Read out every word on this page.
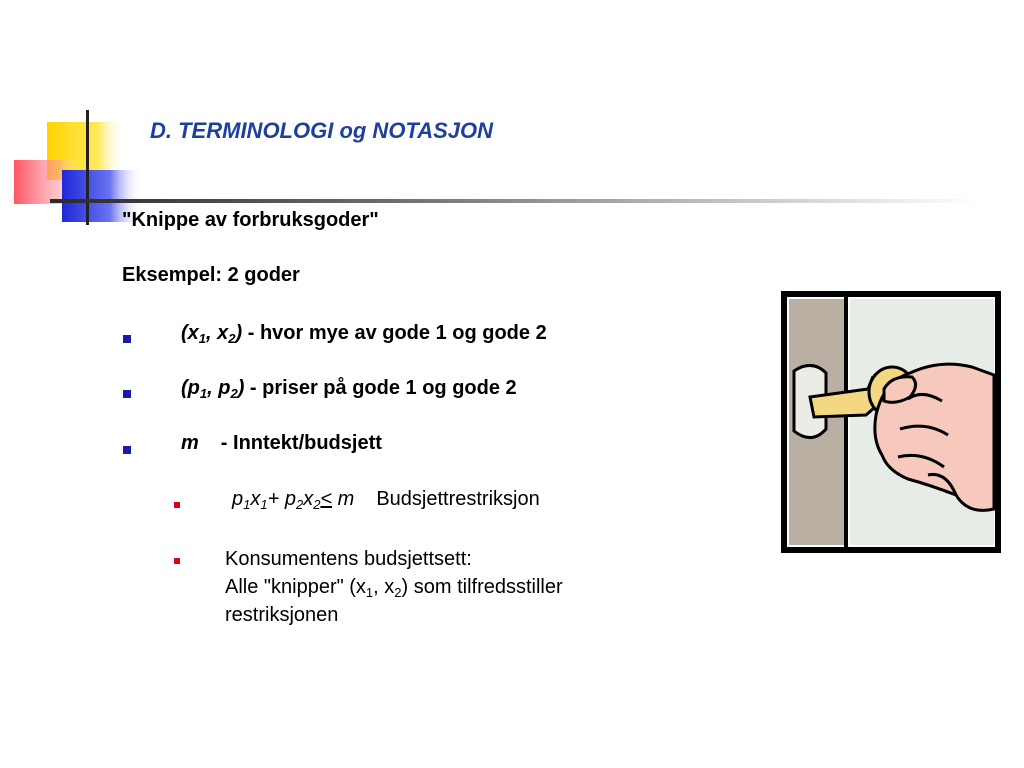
D. TERMINOLOGI og NOTASJON
"Knippe av forbruksgoder"
Eksempel: 2 goder
($x_1$, $x_2$) - hvor mye av gode 1 og gode 2
($p_1$, $p_2$) - priser på gode 1 og gode 2
m - Inntekt/budsjett
$p_1x_1+ p_2x_2< m$ Budsjettrestriksjon
Konsumentens budsjettsett:
Alle "knipper" ($x_1$, $x_2$) som tilfredsstiller
restriksjonen
